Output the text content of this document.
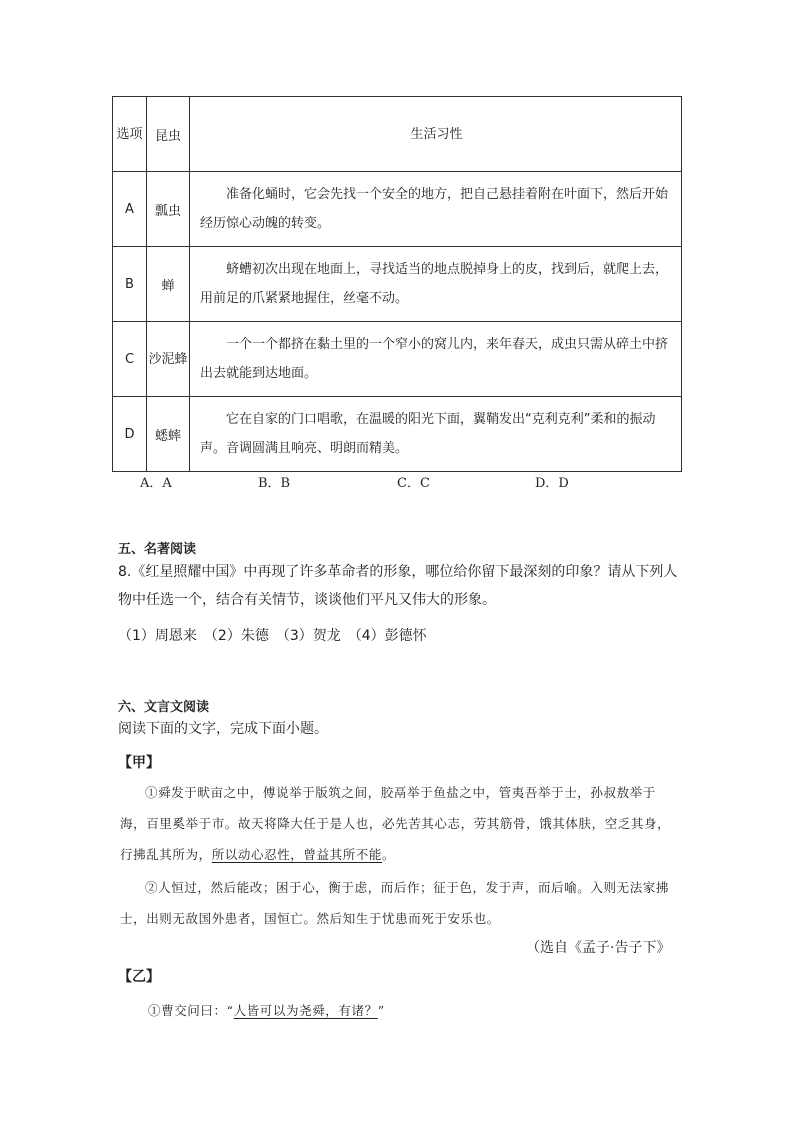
选项	昆虫	生活习性
A	瓢虫	准备化蛹时，它会先找一个安全的地方，把自己悬挂着附在叶面下，然后开始经历惊心动魄的转变。
B	蝉	蛴螬初次出现在地面上，寻找适当的地点脱掉身上的皮，找到后，就爬上去，用前足的爪紧紧地握住，丝毫不动。
C	沙泥蜂	一个一个都挤在黏土里的一个窄小的窝儿内，来年春天，成虫只需从碎土中挤出去就能到达地面。
D	蟋蟀	它在自家的门口唱歌，在温暖的阳光下面，翼鞘发出“克利克利”柔和的振动声。音调圆满且响亮、明朗而精美。
A．A	B．B	C．C	D．D
五、名著阅读
8.《红星照耀中国》中再现了许多革命者的形象，哪位给你留下最深刻的印象？请从下列人物中任选一个，结合有关情节，谈谈他们平凡又伟大的形象。
（1）周恩来　（2）朱德　（3）贺龙　（4）彭德怀
六、文言文阅读
阅读下面的文字，完成下面小题。
【甲】
①舜发于畎亩之中，傅说举于版筑之间，胶鬲举于鱼盐之中，管夷吾举于士，孙叔敖举于海，百里奚举于市。故天将降大任于是人也，必先苦其心志，劳其筋骨，饿其体肤，空乏其身，行拂乱其所为，所以动心忍性，曾益其所不能。
②人恒过，然后能改；困于心，衡于虑，而后作；征于色，发于声，而后喻。入则无法家拂士，出则无敌国外患者，国恒亡。然后知生于忧患而死于安乐也。
（选自《孟子·告子下》
【乙】
①曹交问曰：“人皆可以为尧舜，有诸？”
